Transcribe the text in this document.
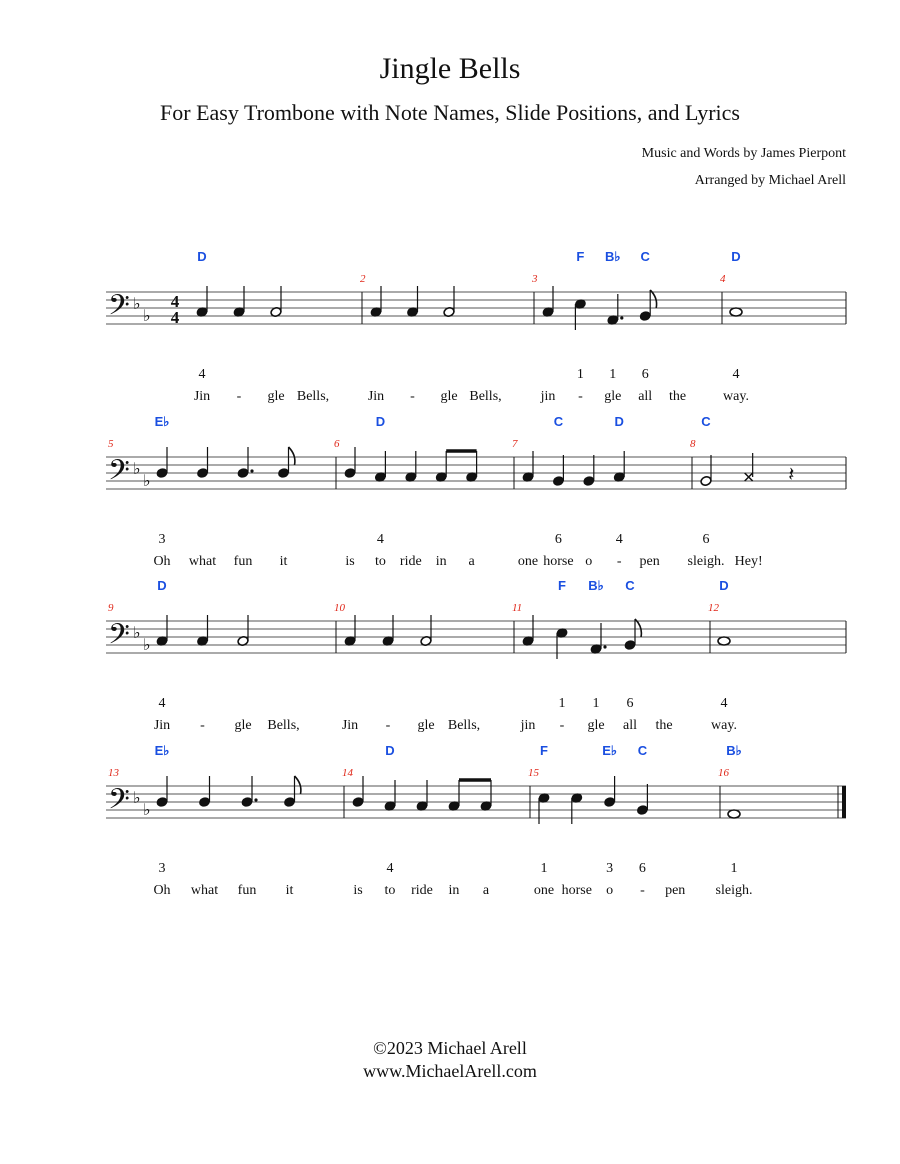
Jingle Bells
For Easy Trombone with Note Names, Slide Positions, and Lyrics
Music and Words by James Pierpont
Arranged by Michael Arell
𝄢 ♭
♭
4
4
Jin
D
4
- gle Bells,
2
Jin - gle Bells,
3
jin -
F
1
gle
B♭
1
all
C
6
the
4
way.
D
4
𝄢 ♭
♭
5
Oh
E♭
3
what fun it
6
is to
D
4
ride in a
7
one horse
C
6
o -
D
4
pen
8
sleigh.
C
6
Hey!
𝄽
𝄢 ♭
♭
9
Jin
D
4
- gle Bells,
10
Jin - gle Bells,
11
jin -
F
1
gle
B♭
1
all
C
6
the
12
way.
D
4
𝄢 ♭
♭
13
Oh
E♭
3
what fun it
14
is to
D
4
ride in a
15
one
F
1
horse o
E♭
3
-
C
6
pen
16
sleigh.
B♭
1
©2023 Michael Arell
www.MichaelArell.com
